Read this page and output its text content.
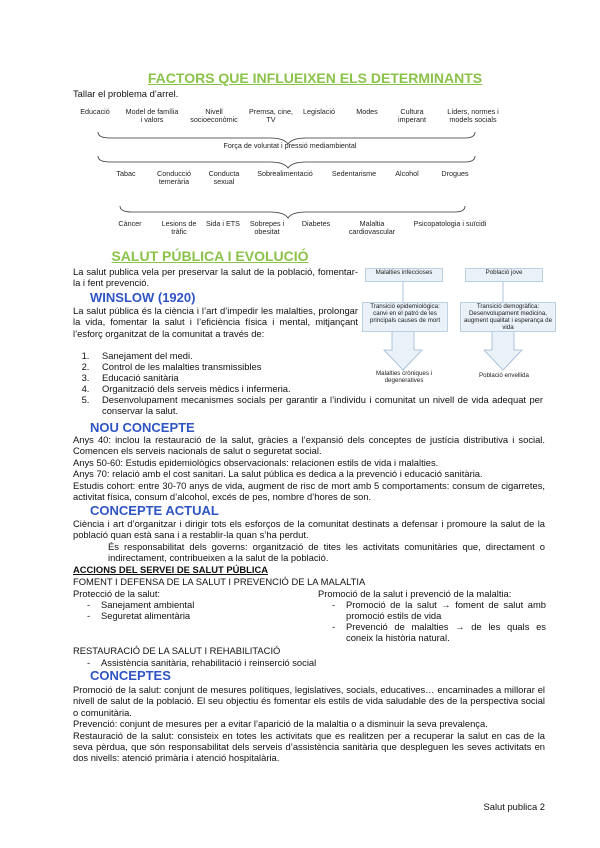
FACTORS QUE INFLUEIXEN ELS DETERMINANTS
Tallar el problema d’arrel.
Educació	Model de família i valors
Nivell socioeconòmic
Premsa, cine, TV
Legislació	Modes	Cultura imperant
Líders, normes i models socials
Força de voluntat i pressió mediambiental
Tabac	Conducció temerària
Conducta sexual
Sobrealimentació	Sedentarisme	Alcohol	Drogues
Càncer	Lesions de tràfic
Sida i ETS	Sobrepes i obesitat
Diabetes	Malaltia cardiovascular
Psicopatologia i suïcidi
SALUT PÚBLICA I EVOLUCIÓ
La salut publica vela per preservar la salut de la població, fomentar-la i fent prevenció.
WINSLOW (1920)
La salut pública és la ciència i l’art d’impedir les malalties, prolongar la vida, fomentar la salut i l’eficiència física i mental, mitjançant l’esforç organitzat de la comunitat a través de:
Malalties infeccioses	Població jove
Transició epidemiològica: canvi en el patró de les principals causes de mort
Transició demogràfica: Desenvolupament medicina, augment qualitat i esperança de vida
Malalties cròniques i degeneratives
Població envellida
1. Sanejament del medi.
2. Control de les malalties transmissibles
3. Educació sanitària
4. Organització dels serveis mèdics i infermeria.
5. Desenvolupament mecanismes socials per garantir a l’individu i comunitat un nivell de vida adequat per conservar la salut.
NOU CONCEPTE
Anys 40: inclou la restauració de la salut, gràcies a l’expansió dels conceptes de justícia distributiva i social. Comencen els serveis nacionals de salut o seguretat social.
Anys 50-60: Estudis epidemiològics observacionals: relacionen estils de vida i malalties.
Anys 70: relació amb el cost sanitari. La salut pública es dedica a la prevenció i educació sanitària.
Estudis cohort: entre 30-70 anys de vida, augment de risc de mort amb 5 comportaments: consum de cigarretes, activitat física, consum d’alcohol, excés de pes, nombre d’hores de son.
CONCEPTE ACTUAL
Ciència i art d’organitzar i dirigir tots els esforços de la comunitat destinats a defensar i promoure la salut de la població quan està sana i a restablir-la quan s’ha perdut.
És responsabilitat dels governs: organització de tites les activitats comunitàries que, directament o indirectament, contribueixen a la salut de la població.
ACCIONS DEL SERVEI DE SALUT PÚBLICA
FOMENT I DEFENSA DE LA SALUT I PREVENCIÓ DE LA MALALTIA
Protecció de la salut:
- Sanejament ambiental
- Seguretat alimentària
Promoció de la salut i prevenció de la malaltia:
- Promoció de la salut → foment de salut amb promoció estils de vida
- Prevenció de malalties → de les quals es coneix la història natural.
RESTAURACIÓ DE LA SALUT I REHABILITACIÓ
- Assistència sanitària, rehabilitació i reinserció social
CONCEPTES
Promoció de la salut: conjunt de mesures polítiques, legislatives, socials, educatives… encaminades a millorar el nivell de salut de la població. El seu objectiu és fomentar els estils de vida saludable des de la perspectiva social o comunitària.
Prevenció: conjunt de mesures per a evitar l’aparició de la malaltia o a disminuir la seva prevalença.
Restauració de la salut: consisteix en totes les activitats que es realitzen per a recuperar la salut en cas de la seva pèrdua, que són responsabilitat dels serveis d’assistència sanitària que despleguen les seves activitats en dos nivells: atenció primària i atenció hospitalària.
Salut publica 2
